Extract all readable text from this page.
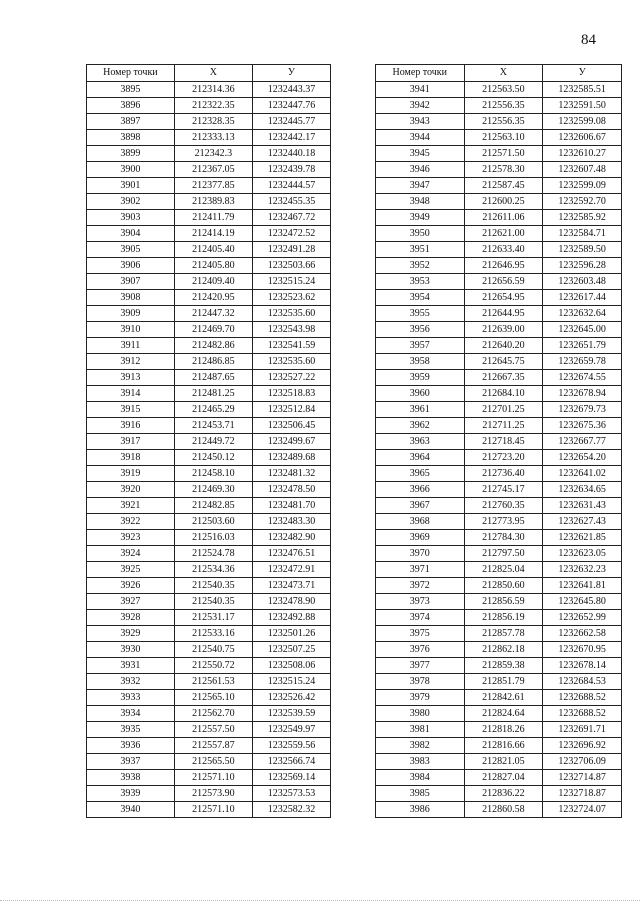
84
Номер точки	X	У
3895	212314.36	1232443.37
3896	212322.35	1232447.76
3897	212328.35	1232445.77
3898	212333.13	1232442.17
3899	212342.3	1232440.18
3900	212367.05	1232439.78
3901	212377.85	1232444.57
3902	212389.83	1232455.35
3903	212411.79	1232467.72
3904	212414.19	1232472.52
3905	212405.40	1232491.28
3906	212405.80	1232503.66
3907	212409.40	1232515.24
3908	212420.95	1232523.62
3909	212447.32	1232535.60
3910	212469.70	1232543.98
3911	212482.86	1232541.59
3912	212486.85	1232535.60
3913	212487.65	1232527.22
3914	212481.25	1232518.83
3915	212465.29	1232512.84
3916	212453.71	1232506.45
3917	212449.72	1232499.67
3918	212450.12	1232489.68
3919	212458.10	1232481.32
3920	212469.30	1232478.50
3921	212482.85	1232481.70
3922	212503.60	1232483.30
3923	212516.03	1232482.90
3924	212524.78	1232476.51
3925	212534.36	1232472.91
3926	212540.35	1232473.71
3927	212540.35	1232478.90
3928	212531.17	1232492.88
3929	212533.16	1232501.26
3930	212540.75	1232507.25
3931	212550.72	1232508.06
3932	212561.53	1232515.24
3933	212565.10	1232526.42
3934	212562.70	1232539.59
3935	212557.50	1232549.97
3936	212557.87	1232559.56
3937	212565.50	1232566.74
3938	212571.10	1232569.14
3939	212573.90	1232573.53
3940	212571.10	1232582.32
Номер точки	X	У
3941	212563.50	1232585.51
3942	212556.35	1232591.50
3943	212556.35	1232599.08
3944	212563.10	1232606.67
3945	212571.50	1232610.27
3946	212578.30	1232607.48
3947	212587.45	1232599.09
3948	212600.25	1232592.70
3949	212611.06	1232585.92
3950	212621.00	1232584.71
3951	212633.40	1232589.50
3952	212646.95	1232596.28
3953	212656.59	1232603.48
3954	212654.95	1232617.44
3955	212644.95	1232632.64
3956	212639.00	1232645.00
3957	212640.20	1232651.79
3958	212645.75	1232659.78
3959	212667.35	1232674.55
3960	212684.10	1232678.94
3961	212701.25	1232679.73
3962	212711.25	1232675.36
3963	212718.45	1232667.77
3964	212723.20	1232654.20
3965	212736.40	1232641.02
3966	212745.17	1232634.65
3967	212760.35	1232631.43
3968	212773.95	1232627.43
3969	212784.30	1232621.85
3970	212797.50	1232623.05
3971	212825.04	1232632.23
3972	212850.60	1232641.81
3973	212856.59	1232645.80
3974	212856.19	1232652.99
3975	212857.78	1232662.58
3976	212862.18	1232670.95
3977	212859.38	1232678.14
3978	212851.79	1232684.53
3979	212842.61	1232688.52
3980	212824.64	1232688.52
3981	212818.26	1232691.71
3982	212816.66	1232696.92
3983	212821.05	1232706.09
3984	212827.04	1232714.87
3985	212836.22	1232718.87
3986	212860.58	1232724.07
